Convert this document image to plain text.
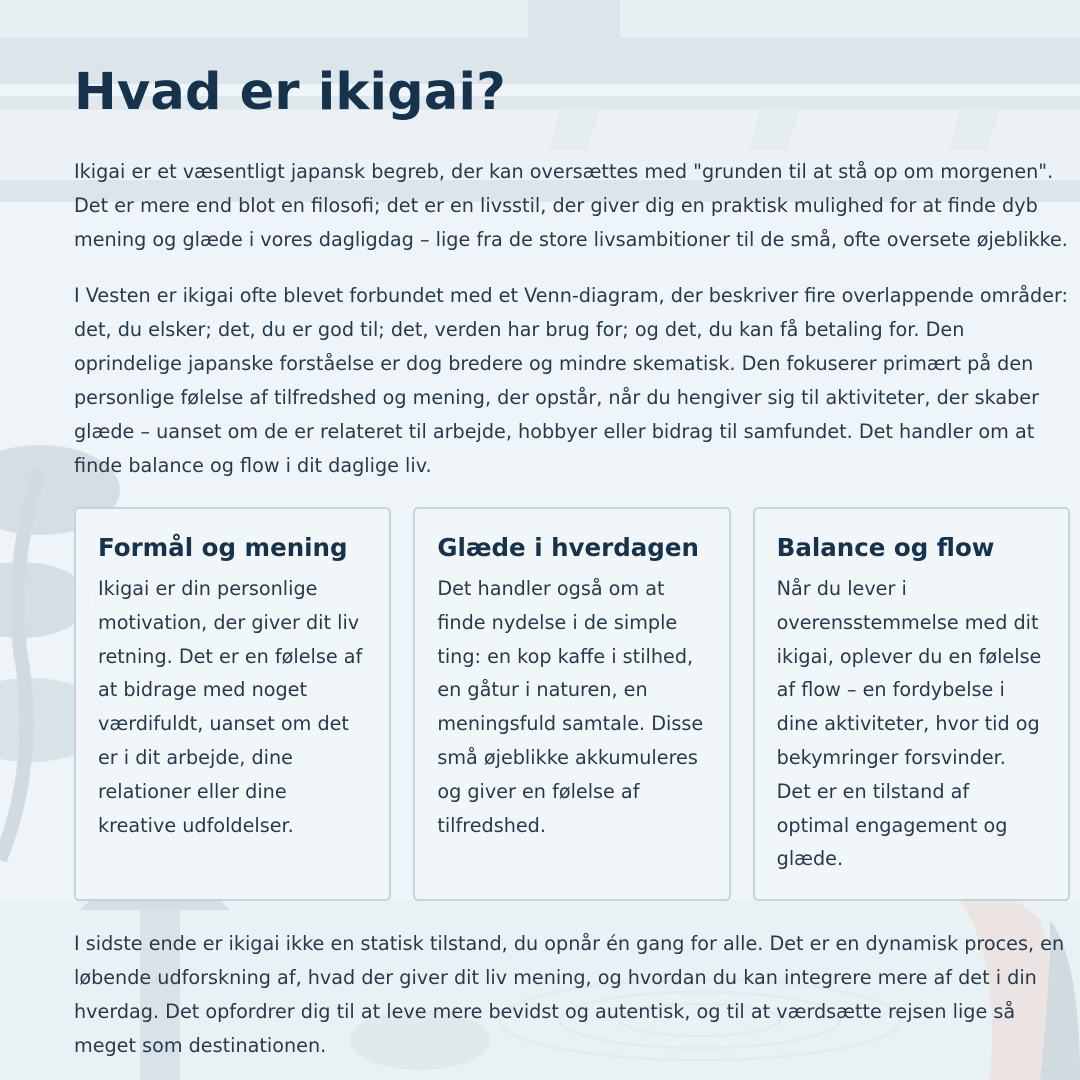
Hvad er ikigai?

Ikigai er et væsentligt japansk begreb, der kan oversættes med "grunden til at stå op om morgenen". Det er mere end blot en filosofi; det er en livsstil, der giver dig en praktisk mulighed for at finde dyb mening og glæde i vores dagligdag – lige fra de store livsambitioner til de små, ofte oversete øjeblikke.

I Vesten er ikigai ofte blevet forbundet med et Venn-diagram, der beskriver fire overlappende områder: det, du elsker; det, du er god til; det, verden har brug for; og det, du kan få betaling for. Den oprindelige japanske forståelse er dog bredere og mindre skematisk. Den fokuserer primært på den personlige følelse af tilfredshed og mening, der opstår, når du hengiver sig til aktiviteter, der skaber glæde – uanset om de er relateret til arbejde, hobbyer eller bidrag til samfundet. Det handler om at finde balance og flow i dit daglige liv.

Formål og mening

Ikigai er din personlige motivation, der giver dit liv retning. Det er en følelse af at bidrage med noget værdifuldt, uanset om det er i dit arbejde, dine relationer eller dine kreative udfoldelser.

Glæde i hverdagen

Det handler også om at finde nydelse i de simple ting: en kop kaffe i stilhed, en gåtur i naturen, en meningsfuld samtale. Disse små øjeblikke akkumuleres og giver en følelse af tilfredshed.

Balance og flow

Når du lever i overensstemmelse med dit ikigai, oplever du en følelse af flow – en fordybelse i dine aktiviteter, hvor tid og bekymringer forsvinder. Det er en tilstand af optimal engagement og glæde.

I sidste ende er ikigai ikke en statisk tilstand, du opnår én gang for alle. Det er en dynamisk proces, en løbende udforskning af, hvad der giver dit liv mening, og hvordan du kan integrere mere af det i din hverdag. Det opfordrer dig til at leve mere bevidst og autentisk, og til at værdsætte rejsen lige så meget som destinationen.
